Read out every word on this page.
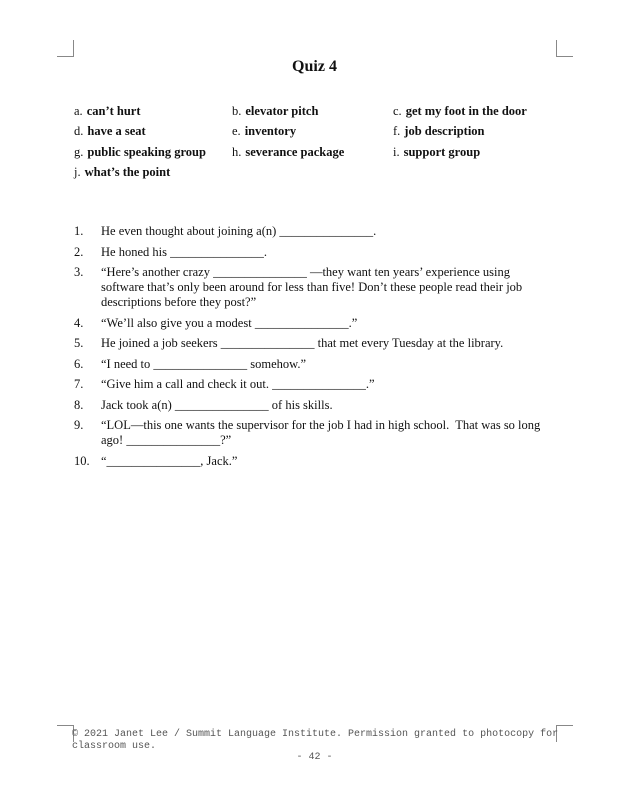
Quiz 4
a. can’t hurt	b. elevator pitch	c. get my foot in the door
d. have a seat	e. inventory	f. job description
g. public speaking group h. severance package	i. support group
j. what’s the point
1.	He even thought about joining a(n) _______________.
2.	He honed his _______________.
3.	“Here’s another crazy _______________ —they want ten years’ experience using software that’s only been around for less than five! Don’t these people read their job descriptions before they post?”
4.	“We’ll also give you a modest _______________.”
5.	He joined a job seekers _______________ that met every Tuesday at the library.
6.	“I need to _______________ somehow.”
7.	“Give him a call and check it out. _______________.”
8.	Jack took a(n) _______________ of his skills.
9.	“LOL—this one wants the supervisor for the job I had in high school.  That was so long ago! _______________?”
10. “_______________, Jack.”
© 2021 Janet Lee / Summit Language Institute. Permission granted to photocopy for classroom use.
- 42 -
